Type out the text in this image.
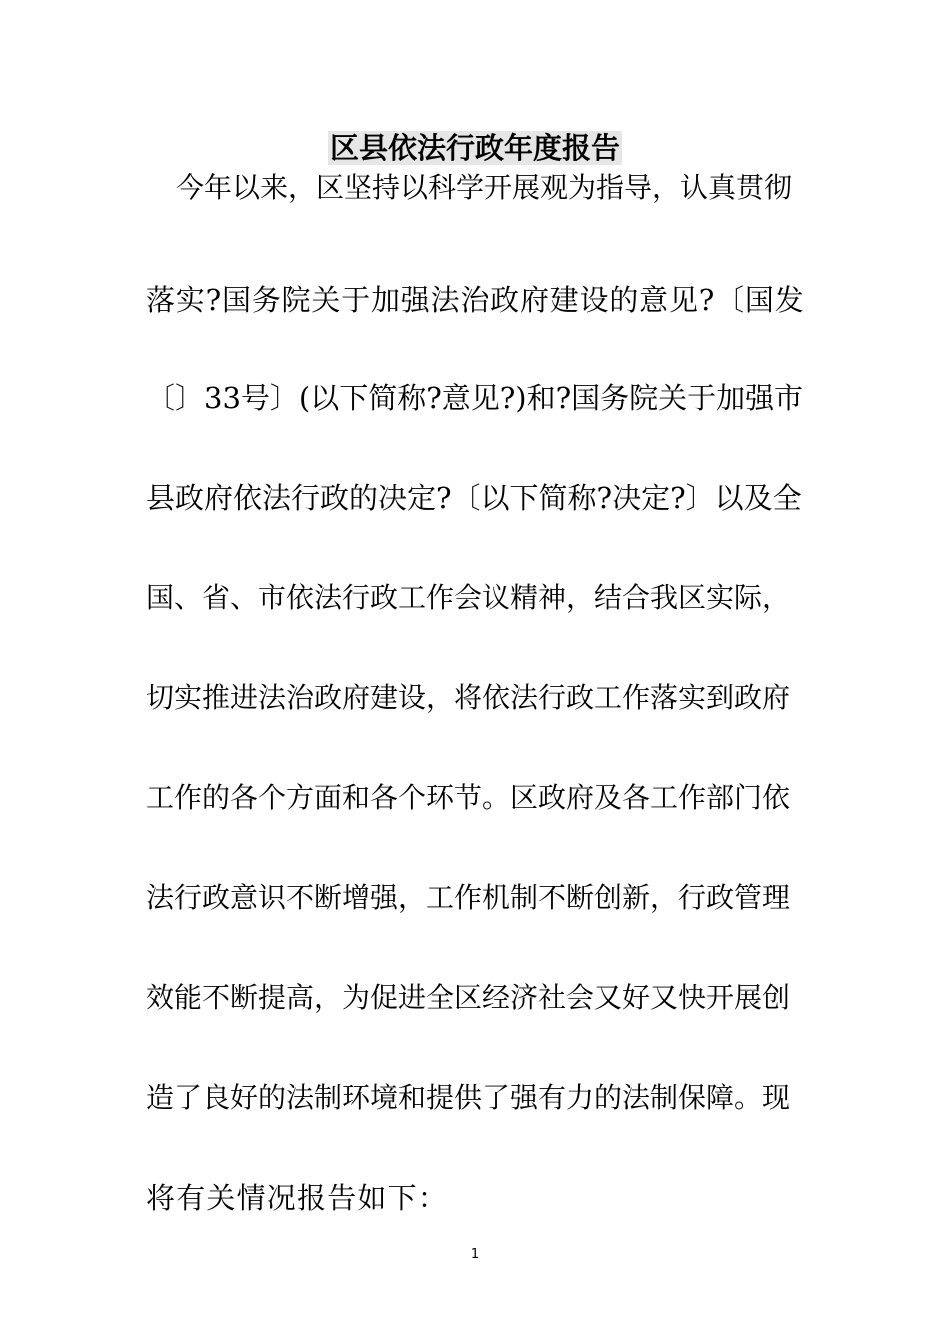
区县依法行政年度报告

今年以来，区坚持以科学开展观为指导，认真贯彻

落实?国务院关于加强法治政府建设的意见?〔国发

〔〕33号〕(以下简称?意见?)和?国务院关于加强市

县政府依法行政的决定?〔以下简称?决定?〕以及全

国、省、市依法行政工作会议精神，结合我区实际，

切实推进法治政府建设，将依法行政工作落实到政府

工作的各个方面和各个环节。区政府及各工作部门依

法行政意识不断增强，工作机制不断创新，行政管理

效能不断提高，为促进全区经济社会又好又快开展创

造了良好的法制环境和提供了强有力的法制保障。现

将有关情况报告如下：

1
